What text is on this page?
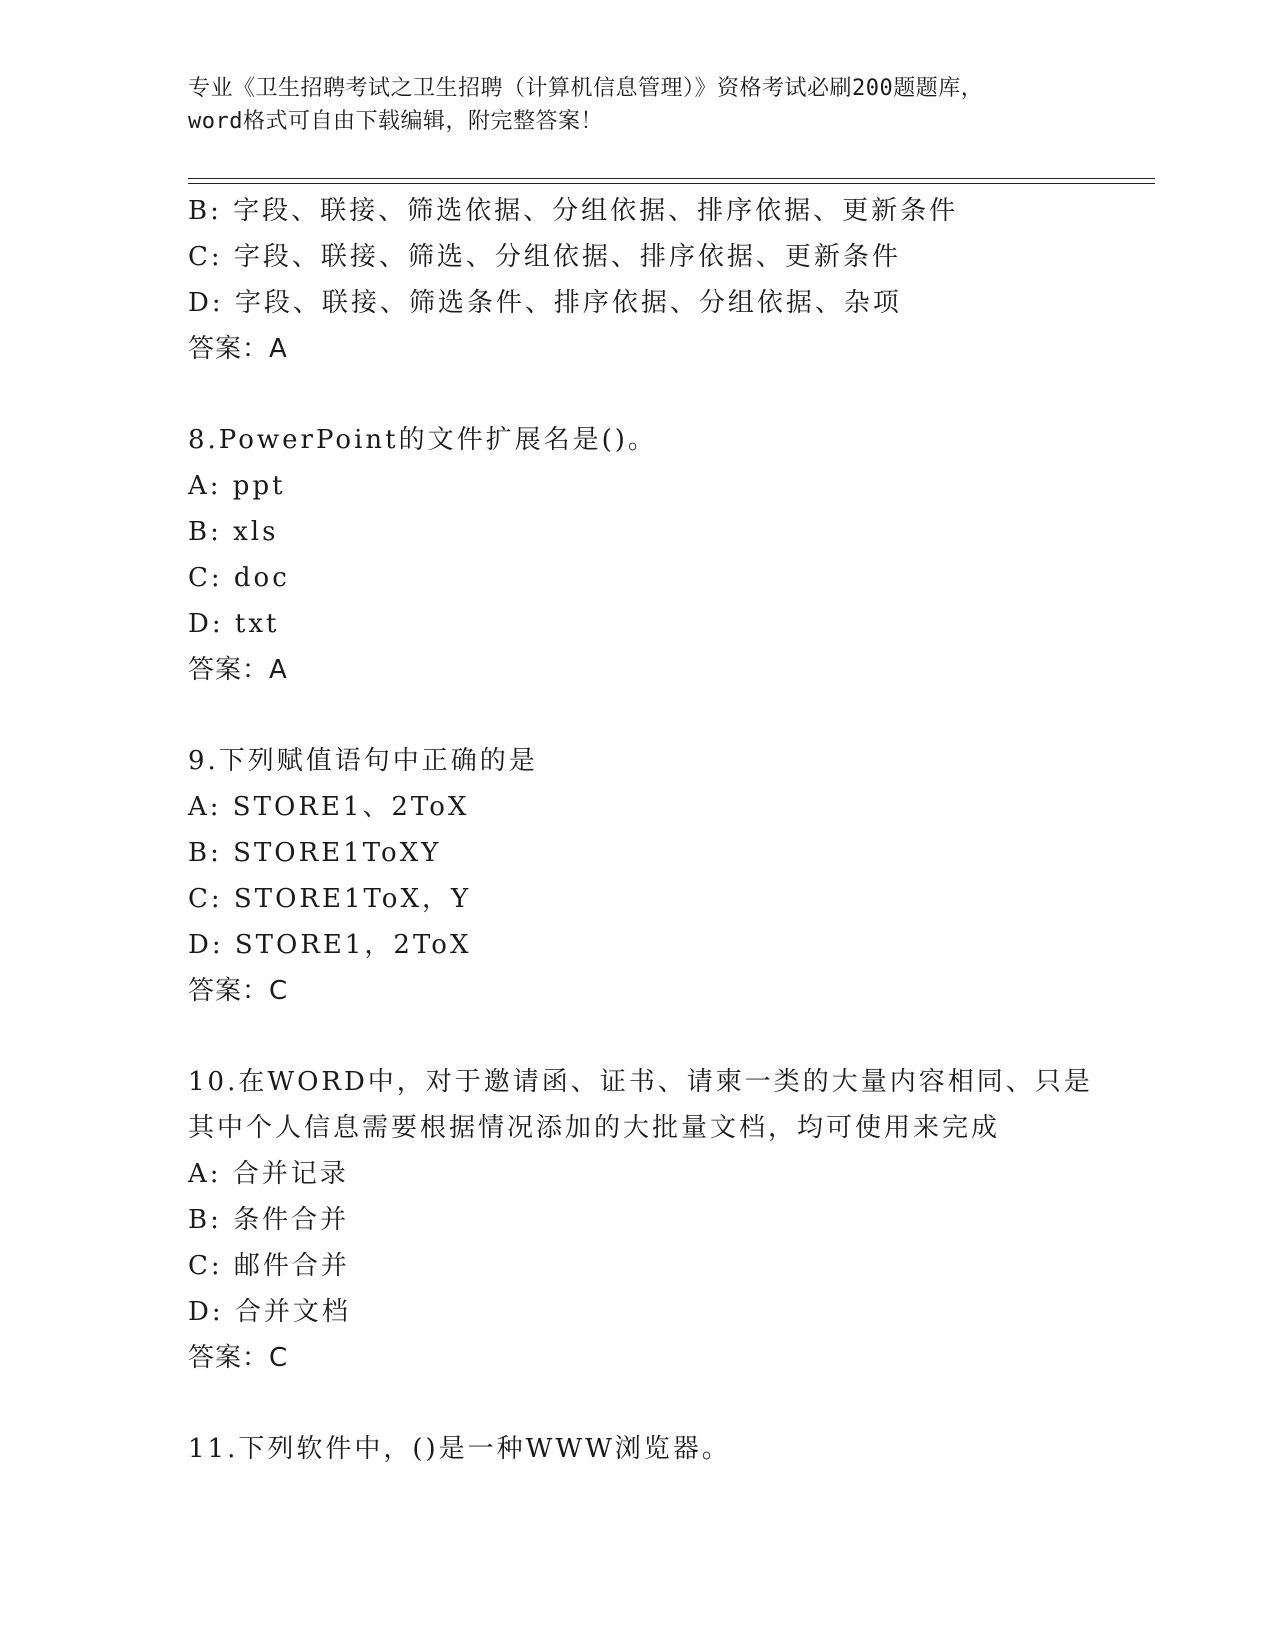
专业《卫生招聘考试之卫生招聘（计算机信息管理）》资格考试必刷200题题库，
word格式可自由下载编辑，附完整答案！
B: 字段、联接、筛选依据、分组依据、排序依据、更新条件
C: 字段、联接、筛选、分组依据、排序依据、更新条件
D: 字段、联接、筛选条件、排序依据、分组依据、杂项
答案：A
8.PowerPoint的文件扩展名是()。
A: ppt
B: xls
C: doc
D: txt
答案：A
9.下列赋值语句中正确的是
A: STORE1、2ToX
B: STORE1ToXY
C: STORE1ToX，Y
D: STORE1，2ToX
答案：C
10.在WORD中，对于邀请函、证书、请柬一类的大量内容相同、只是
其中个人信息需要根据情况添加的大批量文档，均可使用来完成
A: 合并记录
B: 条件合并
C: 邮件合并
D: 合并文档
答案：C
11.下列软件中，()是一种WWW浏览器。
